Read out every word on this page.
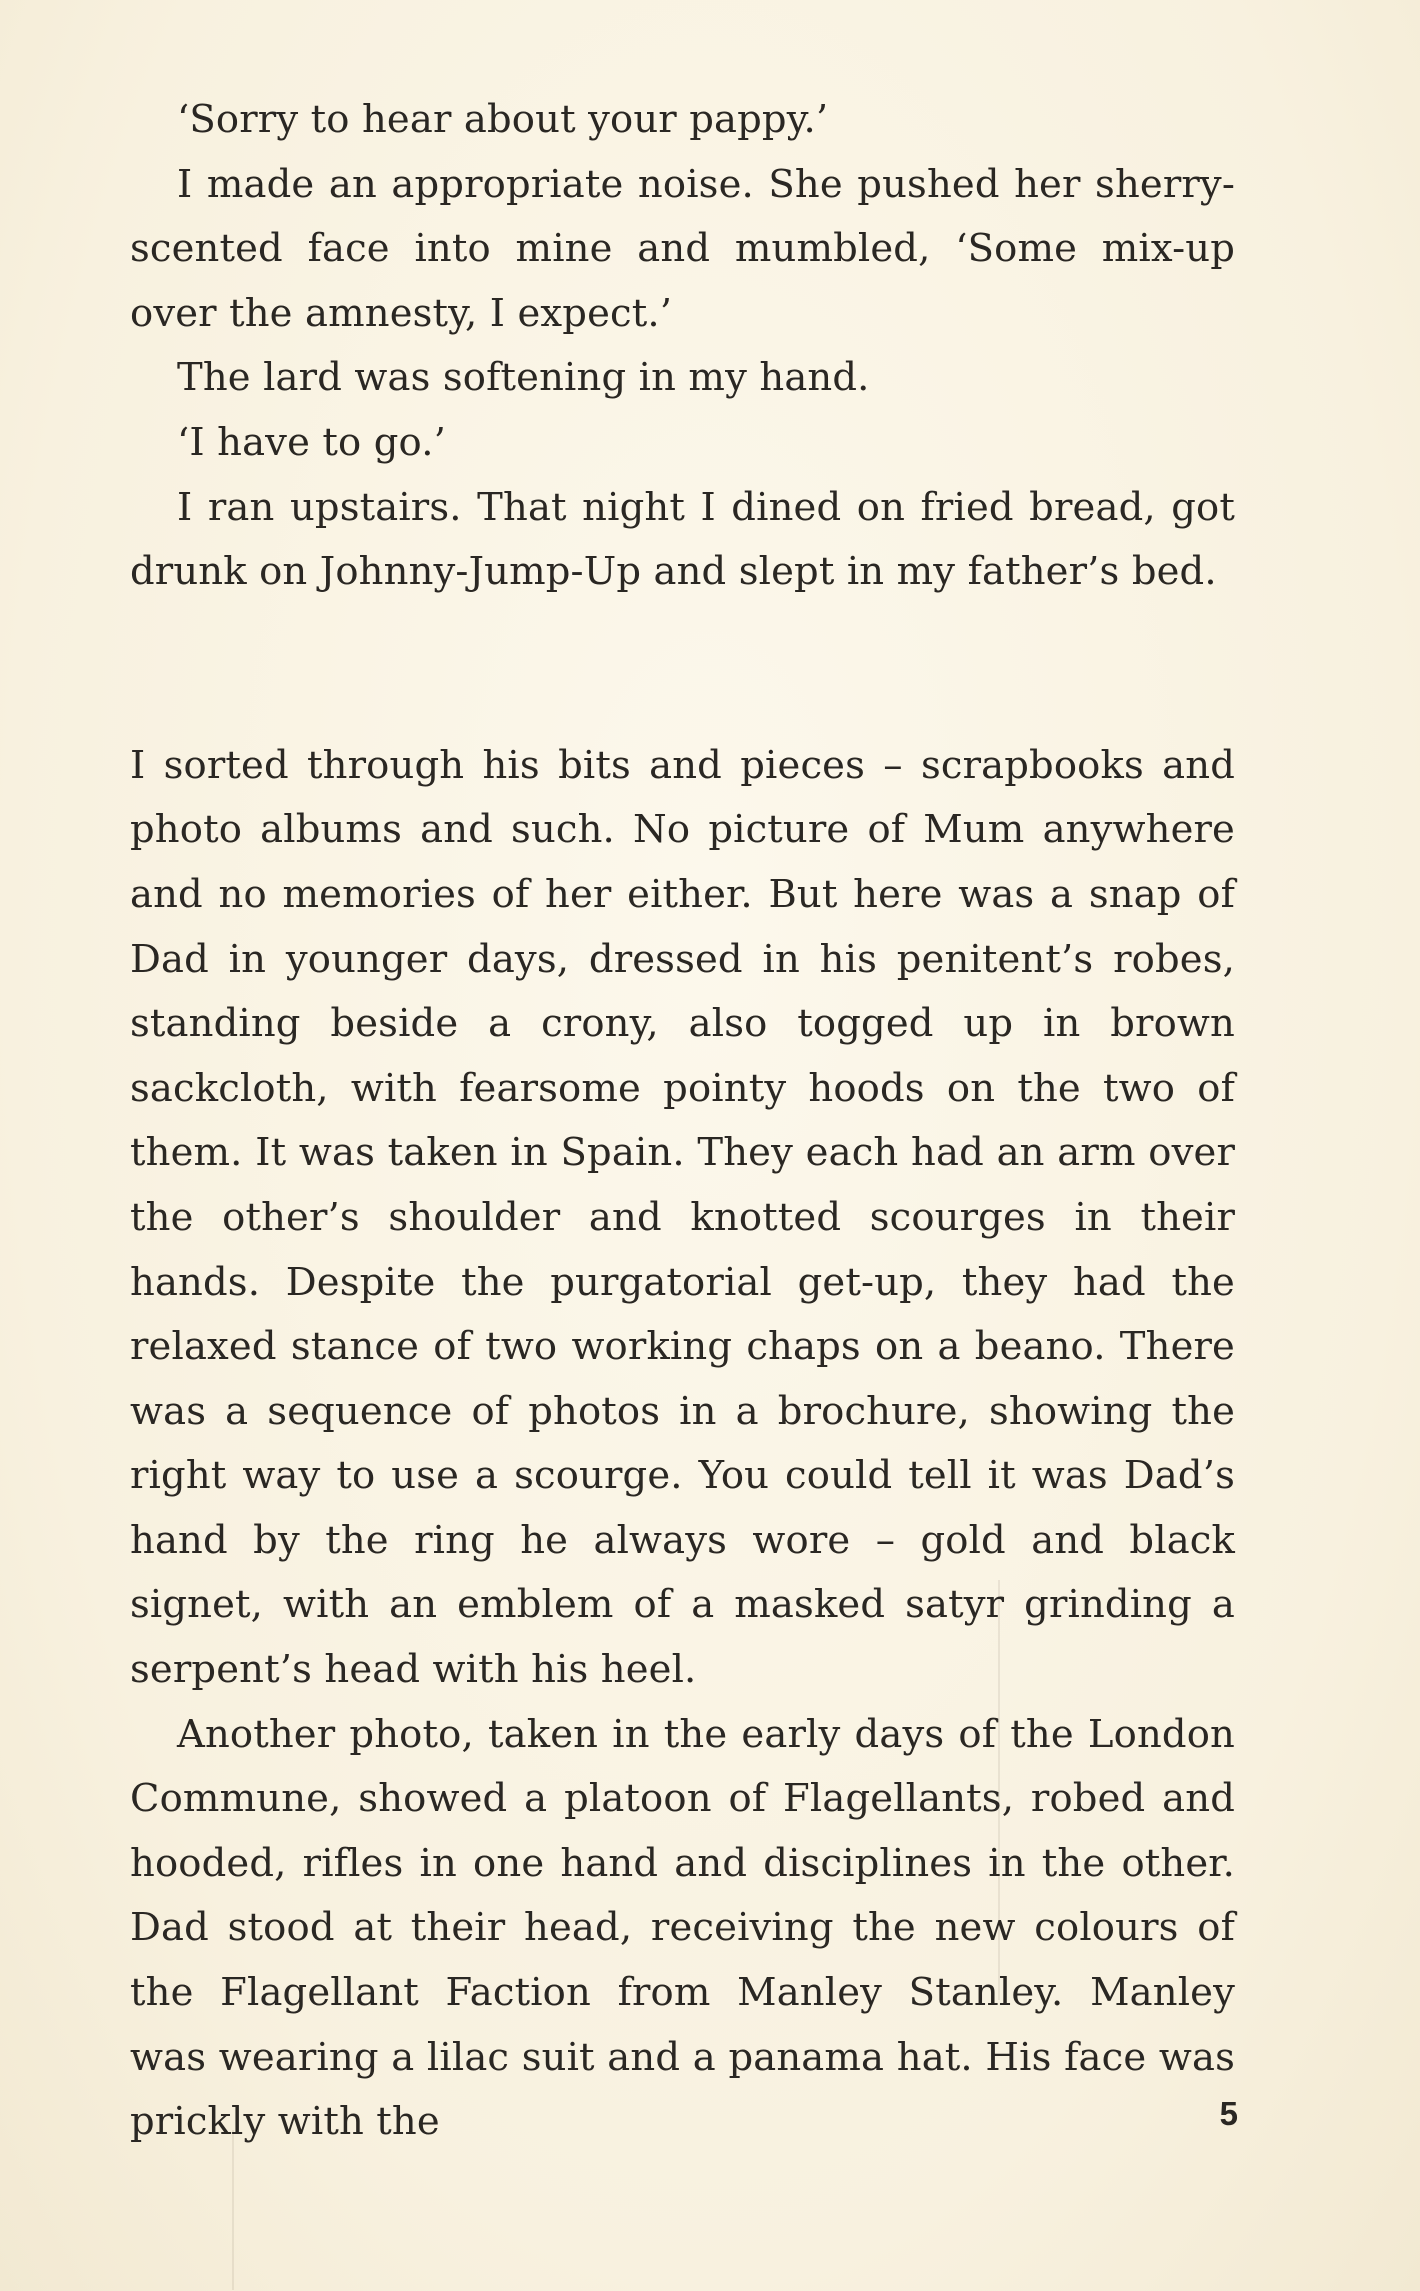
‘Sorry to hear about your pappy.’

I made an appropriate noise. She pushed her sherry-scented face into mine and mumbled, ‘Some mix-up over the amnesty, I expect.’

The lard was softening in my hand.

‘I have to go.’

I ran upstairs. That night I dined on fried bread, got drunk on Johnny-Jump-Up and slept in my father’s bed.

I sorted through his bits and pieces – scrapbooks and photo albums and such. No picture of Mum anywhere and no memories of her either. But here was a snap of Dad in younger days, dressed in his penitent’s robes, standing beside a crony, also togged up in brown sackcloth, with fearsome pointy hoods on the two of them. It was taken in Spain. They each had an arm over the other’s shoulder and knotted scourges in their hands. Despite the purgatorial get-up, they had the relaxed stance of two working chaps on a beano. There was a sequence of photos in a brochure, showing the right way to use a scourge. You could tell it was Dad’s hand by the ring he always wore – gold and black signet, with an emblem of a masked satyr grinding a serpent’s head with his heel.

Another photo, taken in the early days of the London Commune, showed a platoon of Flagellants, robed and hooded, rifles in one hand and disciplines in the other. Dad stood at their head, receiving the new colours of the Flagellant Faction from Manley Stanley. Manley was wearing a lilac suit and a panama hat. His face was prickly with the	5
